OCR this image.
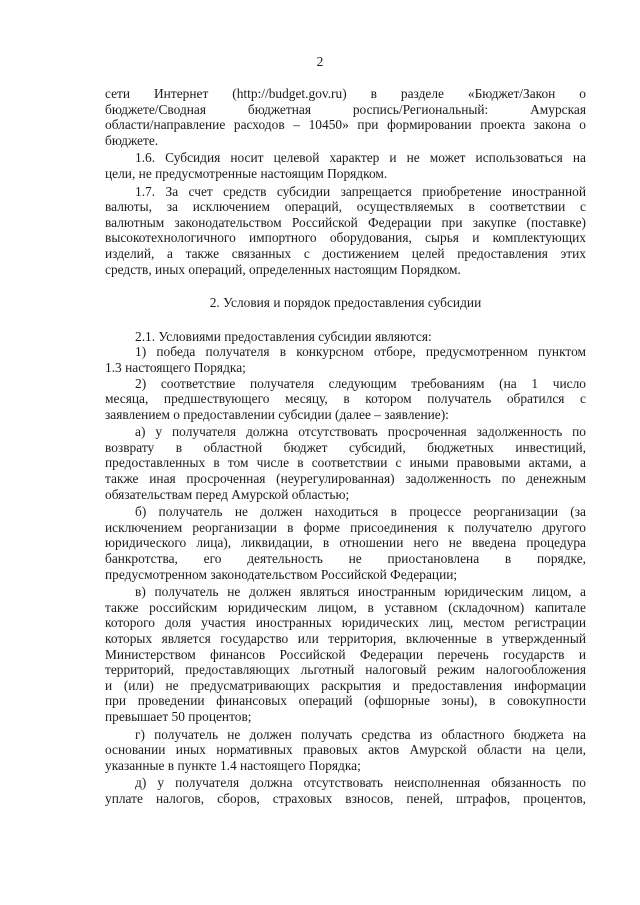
2
сети Интернет (http://budget.gov.ru) в разделе «Бюджет/Закон о
бюджете/Сводная бюджетная роспись/Региональный: Амурская
области/направление расходов – 10450» при формировании проекта закона о
бюджете.
1.6. Субсидия носит целевой характер и не может использоваться на
цели, не предусмотренные настоящим Порядком.
1.7. За счет средств субсидии запрещается приобретение иностранной
валюты, за исключением операций, осуществляемых в соответствии с
валютным законодательством Российской Федерации при закупке (поставке)
высокотехнологичного импортного оборудования, сырья и комплектующих
изделий, а также связанных с достижением целей предоставления этих
средств, иных операций, определенных настоящим Порядком.
2. Условия и порядок предоставления субсидии
2.1. Условиями предоставления субсидии являются:
1) победа получателя в конкурсном отборе, предусмотренном пунктом
1.3 настоящего Порядка;
2) соответствие получателя следующим требованиям (на 1 число
месяца, предшествующего месяцу, в котором получатель обратился с
заявлением о предоставлении субсидии (далее – заявление):
а) у получателя должна отсутствовать просроченная задолженность по
возврату в областной бюджет субсидий, бюджетных инвестиций,
предоставленных в том числе в соответствии с иными правовыми актами, а
также иная просроченная (неурегулированная) задолженность по денежным
обязательствам перед Амурской областью;
б) получатель не должен находиться в процессе реорганизации (за
исключением реорганизации в форме присоединения к получателю другого
юридического лица), ликвидации, в отношении него не введена процедура
банкротства, его деятельность не приостановлена в порядке,
предусмотренном законодательством Российской Федерации;
в) получатель не должен являться иностранным юридическим лицом, а
также российским юридическим лицом, в уставном (складочном) капитале
которого доля участия иностранных юридических лиц, местом регистрации
которых является государство или территория, включенные в утвержденный
Министерством финансов Российской Федерации перечень государств и
территорий, предоставляющих льготный налоговый режим налогообложения
и (или) не предусматривающих раскрытия и предоставления информации
при проведении финансовых операций (офшорные зоны), в совокупности
превышает 50 процентов;
г) получатель не должен получать средства из областного бюджета на
основании иных нормативных правовых актов Амурской области на цели,
указанные в пункте 1.4 настоящего Порядка;
д) у получателя должна отсутствовать неисполненная обязанность по
уплате налогов, сборов, страховых взносов, пеней, штрафов, процентов,
